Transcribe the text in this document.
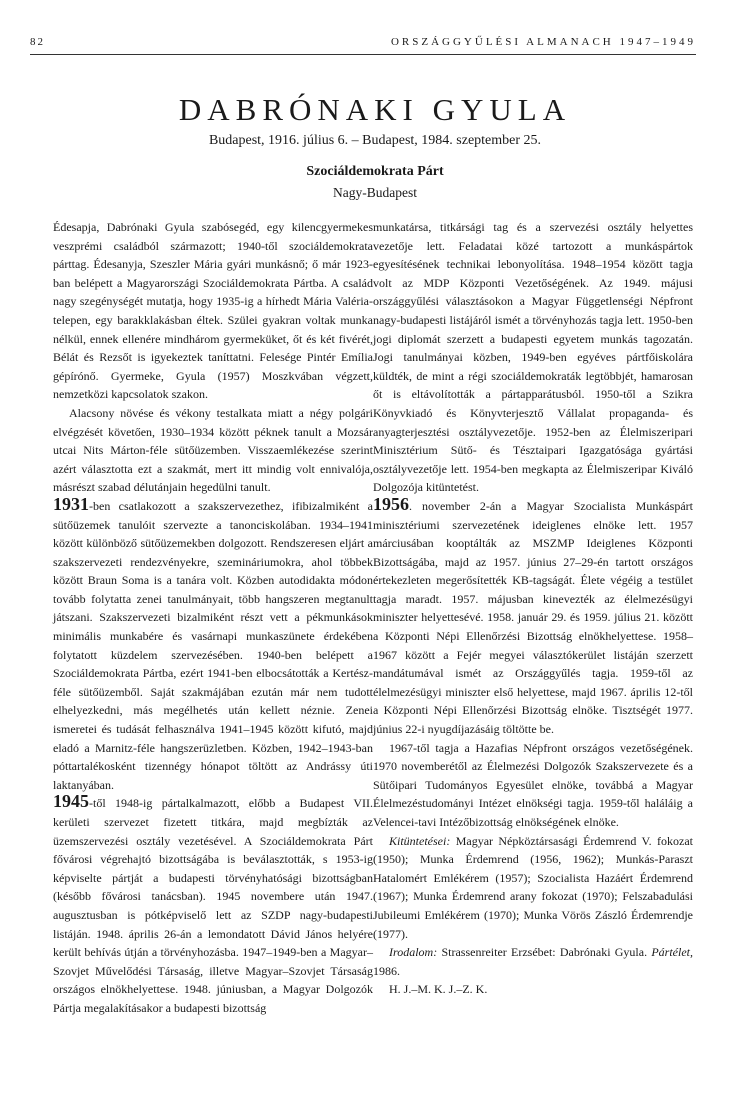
82	ORSZÁGGYŰLÉSI ALMANACH 1947–1949
DABRÓNAKI GYULA
Budapest, 1916. július 6. – Budapest, 1984. szeptember 25.
Szociáldemokrata Párt
Nagy-Budapest

Édesapja, Dabrónaki Gyula szabósegéd, egy kilencgyermekes veszprémi családból származott; 1940-től szociáldemokrata párttag. Édesanyja, Szeszler Mária gyári munkásnő; ő már 1923-ban belépett a Magyarországi Szociáldemokrata Pártba. A család nagy szegénységét mutatja, hogy 1935-ig a hírhedt Mária Valéria-telepen, egy barakklakásban éltek. Szülei gyakran voltak munka nélkül, ennek ellenére mindhárom gyermeküket, őt és két fivérét, Bélát és Rezsőt is igyekeztek taníttatni. Felesége Pintér Emília gépírónő. Gyermeke, Gyula (1957) Moszkvában végzett, nemzetközi kapcsolatok szakon.

Alacsony növése és vékony testalkata miatt a négy polgári elvégzését követően, 1930–1934 között péknek tanult a Mozsár utcai Nits Márton-féle sütőüzemben. Visszaemlékezése szerint azért választotta ezt a szakmát, mert itt mindig volt ennivalója, másrészt szabad délutánjain hegedülni tanult.

1931-ben csatlakozott a szakszervezethez, ifibizalmiként a sütőüzemek tanulóit szervezte a tanonciskolában. 1934–1941 között különböző sütőüzemekben dolgozott. Rendszeresen eljárt a szakszervezeti rendezvényekre, szemináriumokra, ahol többek között Braun Soma is a tanára volt. Közben autodidakta módon tovább folytatta zenei tanulmányait, több hangszeren megtanult játszani. Szakszervezeti bizalmiként részt vett a pékmunkások minimális munkabére és vasárnapi munkaszünete érdekében folytatott küzdelem szervezésében. 1940-ben belépett a Szociáldemokrata Pártba, ezért 1941-ben elbocsátották a Kertész-féle sütőüzemből. Saját szakmájában ezután már nem tudott elhelyezkedni, más megélhetés után kellett néznie. Zenei ismeretei és tudását felhasználva 1941–1945 között kifutó, majd eladó a Marnitz-féle hangszerüzletben. Közben, 1942–1943-ban póttartalékosként tizennégy hónapot töltött az Andrássy úti laktanyában.

1945-től 1948-ig pártalkalmazott, előbb a Budapest VII. kerületi szervezet fizetett titkára, majd megbízták az üzemszervezési osztály vezetésével. A Szociáldemokrata Párt fővárosi végrehajtó bizottságába is beválasztották, s 1953-ig képviselte pártját a budapesti törvényhatósági bizottságban (később fővárosi tanácsban). 1945 novembere után 1947. augusztusban is pótképviselő lett az SZDP nagy-budapesti listáján. 1948. április 26-án a lemondatott Dávid János helyére került behívás útján a törvényhozásba. 1947–1949-ben a Magyar–Szovjet Művelődési Társaság, illetve Magyar–Szovjet Társaság országos elnökhelyettese. 1948. júniusban, a Magyar Dolgozók Pártja megalakításakor a budapesti bizottság

munkatársa, titkársági tag és a szervezési osztály helyettes vezetője lett. Feladatai közé tartozott a munkáspártok egyesítésének technikai lebonyolítása. 1948–1954 között tagja volt az MDP Központi Vezetőségének. Az 1949. májusi országgyűlési választásokon a Magyar Függetlenségi Népfront nagy-budapesti listájáról ismét a törvényhozás tagja lett. 1950-ben jogi diplomát szerzett a budapesti egyetem munkás tagozatán. Jogi tanulmányai közben, 1949-ben egyéves pártfőiskolára küldték, de mint a régi szociáldemokraták legtöbbjét, hamarosan őt is eltávolították a pártapparátusból. 1950-től a Szikra Könyvkiadó és Könyvterjesztő Vállalat propaganda- és anyagterjesztési osztályvezetője. 1952-ben az Élelmiszeripari Minisztérium Sütő- és Tésztaipari Igazgatósága gyártási osztályvezetője lett. 1954-ben megkapta az Élelmiszeripar Kiváló Dolgozója kitüntetést.

1956. november 2-án a Magyar Szocialista Munkáspárt minisztériumi szervezetének ideiglenes elnöke lett. 1957 márciusában kooptálták az MSZMP Ideiglenes Központi Bizottságába, majd az 1957. június 27–29-én tartott országos értekezleten megerősítették KB-tagságát. Élete végéig a testület tagja maradt. 1957. májusban kinevezték az élelmezésügyi miniszter helyettesévé. 1958. január 29. és 1959. július 21. között a Központi Népi Ellenőrzési Bizottság elnökhelyettese. 1958–1967 között a Fejér megyei választókerület listáján szerzett mandátumával ismét az Országgyűlés tagja. 1959-től az élelmezésügyi miniszter első helyettese, majd 1967. április 12-től a Központi Népi Ellenőrzési Bizottság elnöke. Tisztségét 1977. június 22-i nyugdíjazásáig töltötte be.

1967-től tagja a Hazafias Népfront országos vezetőségének. 1970 novemberétől az Élelmezési Dolgozók Szakszervezete és a Sütőipari Tudományos Egyesület elnöke, továbbá a Magyar Élelmezéstudományi Intézet elnökségi tagja. 1959-től haláláig a Velencei-tavi Intézőbizottság elnökségének elnöke.

Kitüntetései: Magyar Népköztársasági Érdemrend V. fokozat (1950); Munka Érdemrend (1956, 1962); Munkás-Paraszt Hatalomért Emlékérem (1957); Szocialista Hazáért Érdemrend (1967); Munka Érdemrend arany fokozat (1970); Felszabadulási Jubileumi Emlékérem (1970); Munka Vörös Zászló Érdemrendje (1977).

Irodalom: Strassenreiter Erzsébet: Dabrónaki Gyula. Pártélet, 1986.

H. J.–M. K. J.–Z. K.
